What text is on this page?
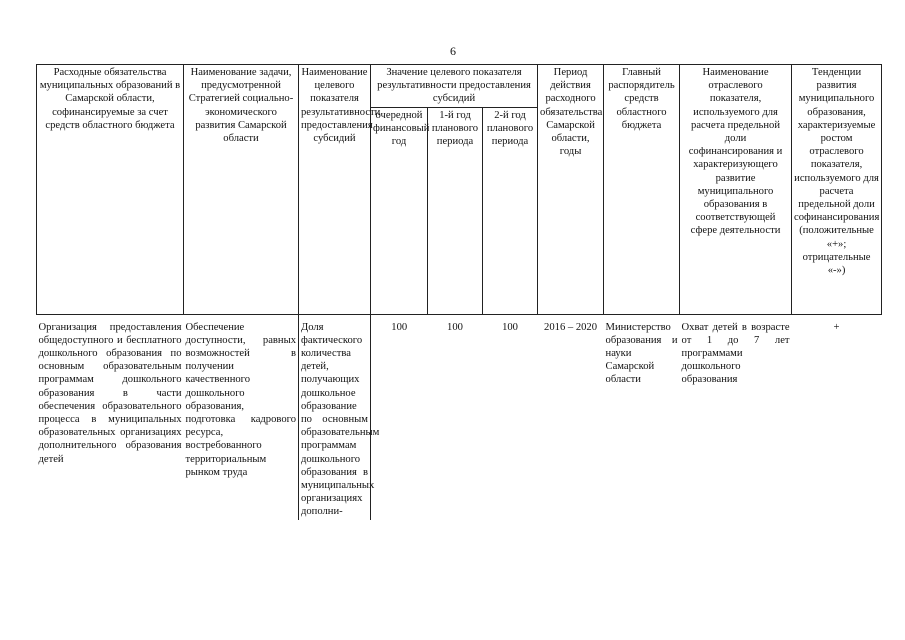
6
Расходные обязательства муниципальных образований в Самарской области, софинансируемые за счет средств областного бюджета	Наименование задачи, предусмотренной Стратегией социально-экономического развития Самарской области	Наименование целевого показателя результативности предоставления субсидий	Значение целевого показателя результативности предоставления субсидий			Период действия расходного обязательства Самарской области, годы	Главный распорядитель средств областного бюджета	Наименование отраслевого показателя, используемого для расчета предельной доли софинансирования и характеризующего развитие муниципального образования в соответствующей сфере деятельности	Тенденции развития муниципального образования, характеризуемые ростом отраслевого показателя, используемого для расчета предельной доли софинансирования (положительные «+»; отрицательные «-»)
			очередной финансовый год	1-й год планового периода	2-й год планового периода				
Организация предоставления общедоступного и бесплатного дошкольного образования по основным образовательным программам дошкольного образования в части обеспечения образовательного процесса в муниципальных образовательных организациях дополнительного образования детей	Обеспечение доступности, равных возможностей в получении качественного дошкольного образования, подготовка кадрового ресурса, востребованного территориальным рынком труда	Доля фактического количества детей, получающих дошкольное образование по основным образовательным программам дошкольного образования в муниципальных организациях дополни-	100	100	100	2016 – 2020	Министерство образования и науки Самарской области	Охват детей в возрасте от 1 до 7 лет программами дошкольного образования	+
